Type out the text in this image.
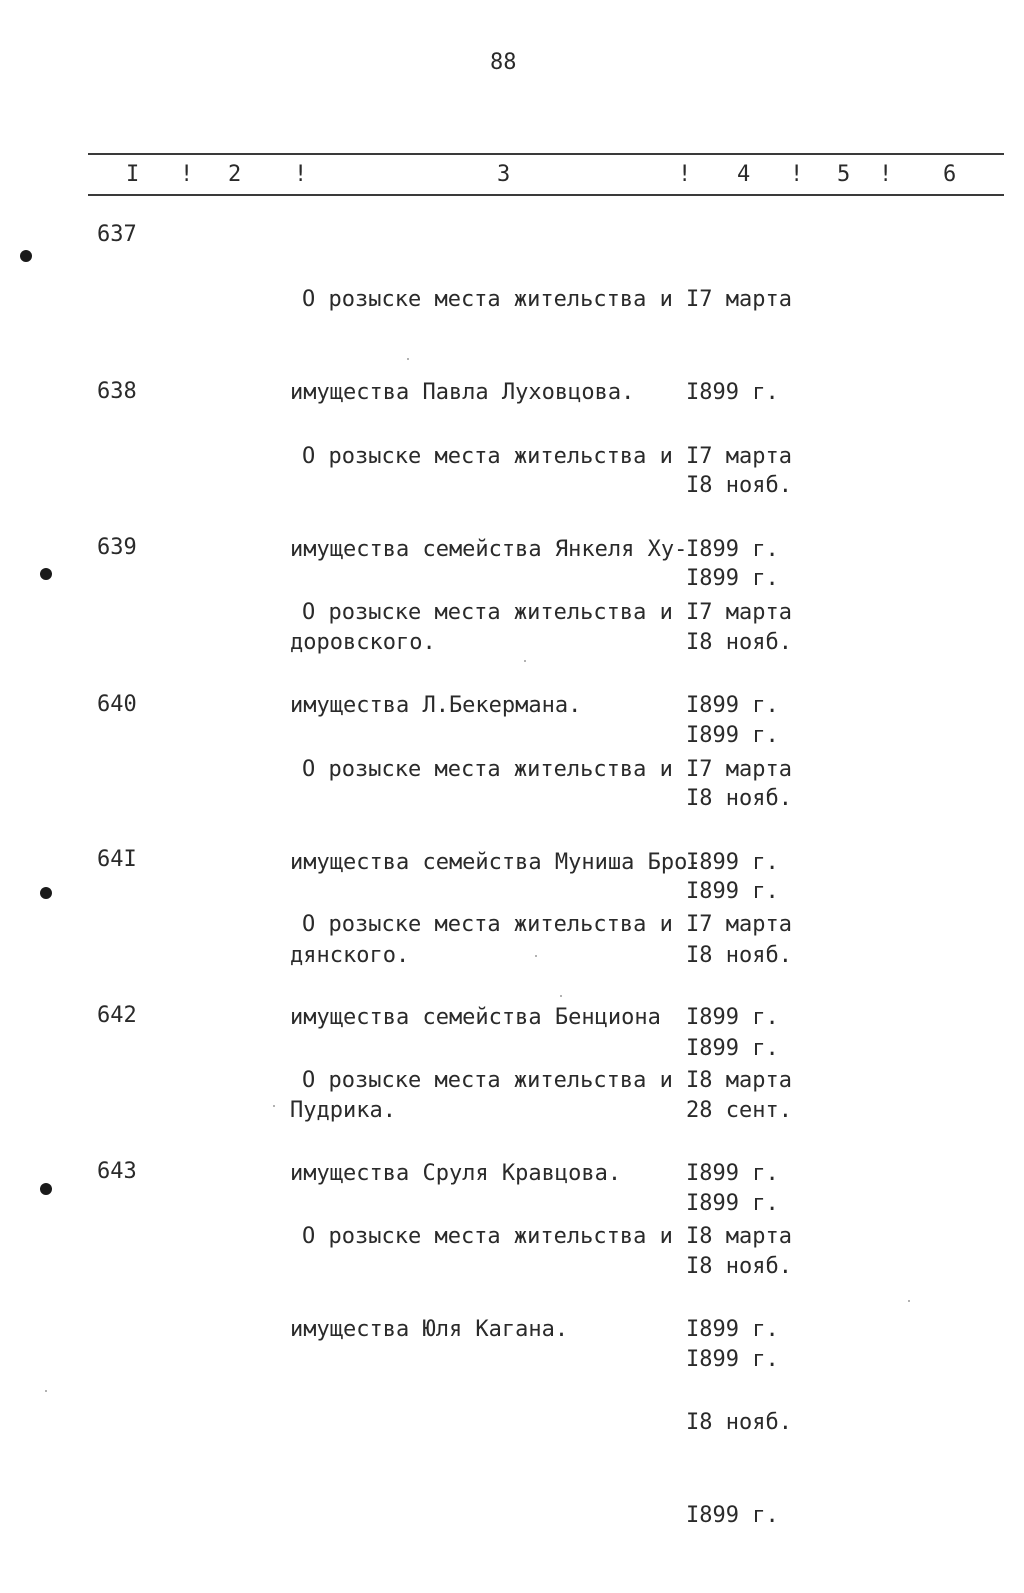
88
I ! 2 !	3	! 4 ! 5 ! 6
637

О розыске места жительства и

имущества Павла Луховцова.

I7 марта

I899 г.

I8 нояб.

I899 г.

638

О розыске места жительства и

имущества семейства Янкеля Ху-

доровского.

I7 марта

I899 г.

I8 нояб.

I899 г.

639

О розыске места жительства и

имущества Л.Бекермана.

I7 марта

I899 г.

I8 нояб.

I899 г.

640

О розыске места жительства и

имущества семейства Муниша Бро-

дянского.

I7 марта

I899 г.

I8 нояб.

I899 г.

64I

О розыске места жительства и

имущества семейства Бенциона

Пудрика.

I7 марта

I899 г.

28 сент.

I899 г.

642

О розыске места жительства и

имущества Сруля Кравцова.

I8 марта

I899 г.

I8 нояб.

I899 г.

643

О розыске места жительства и

имущества Юля Кагана.

I8 марта

I899 г.

I8 нояб.

I899 г.
